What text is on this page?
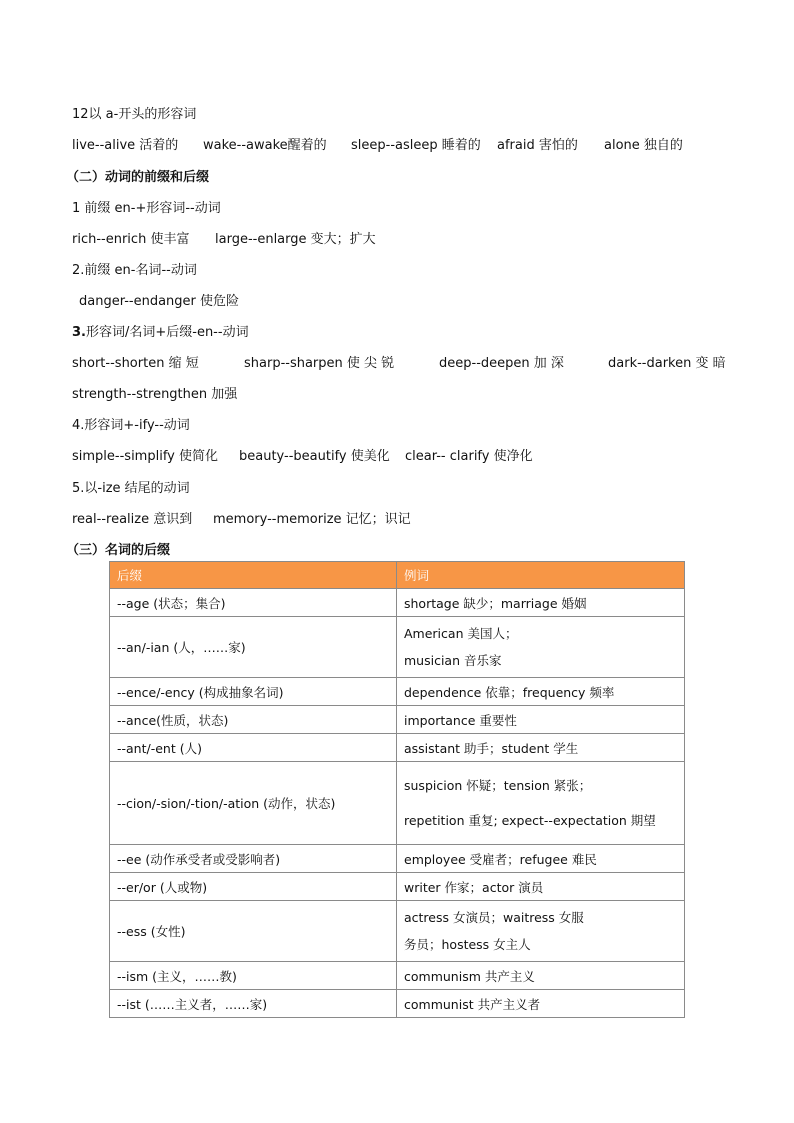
12以 a-开头的形容词
live--alive 活着的 wake--awake醒着的 sleep--asleep 睡着的 afraid 害怕的 alone 独自的
（二）动词的前缀和后缀
1 前缀 en-+形容词--动词
rich--enrich 使丰富 large--enlarge 变大；扩大
2.前缀 en-名词--动词
danger--endanger 使危险
3.形容词/名词+后缀-en--动词
short--shorten 缩 短	sharp--sharpen 使 尖 锐	deep--deepen 加 深	dark--darken 变 暗
strength--strengthen 加强
4.形容词+-ify--动词
simple--simplify 使简化 beauty--beautify 使美化 clear-- clarify 使净化
5.以-ize 结尾的动词
real--realize 意识到 memory--memorize 记忆；识记
（三）名词的后缀
后缀	例词
--age (状态；集合)	shortage 缺少；marriage 婚姻
--an/-ian (人，……家)	American 美国人；
musician 音乐家

--ence/-ency (构成抽象名词)	dependence 依靠；frequency 频率
--ance(性质，状态)	importance 重要性
--ant/-ent (人)	assistant 助手；student 学生
--cion/-sion/-tion/-ation (动作，状态)	suspicion 怀疑；tension 紧张；
repetition 重复; expect--expectation 期望

--ee (动作承受者或受影响者)	employee 受雇者；refugee 难民
--er/or (人或物)	writer 作家；actor 演员
--ess (女性)	actress 女演员；waitress 女服
务员；hostess 女主人

--ism (主义，……教)	communism 共产主义
--ist (……主义者，……家)	communist 共产主义者
